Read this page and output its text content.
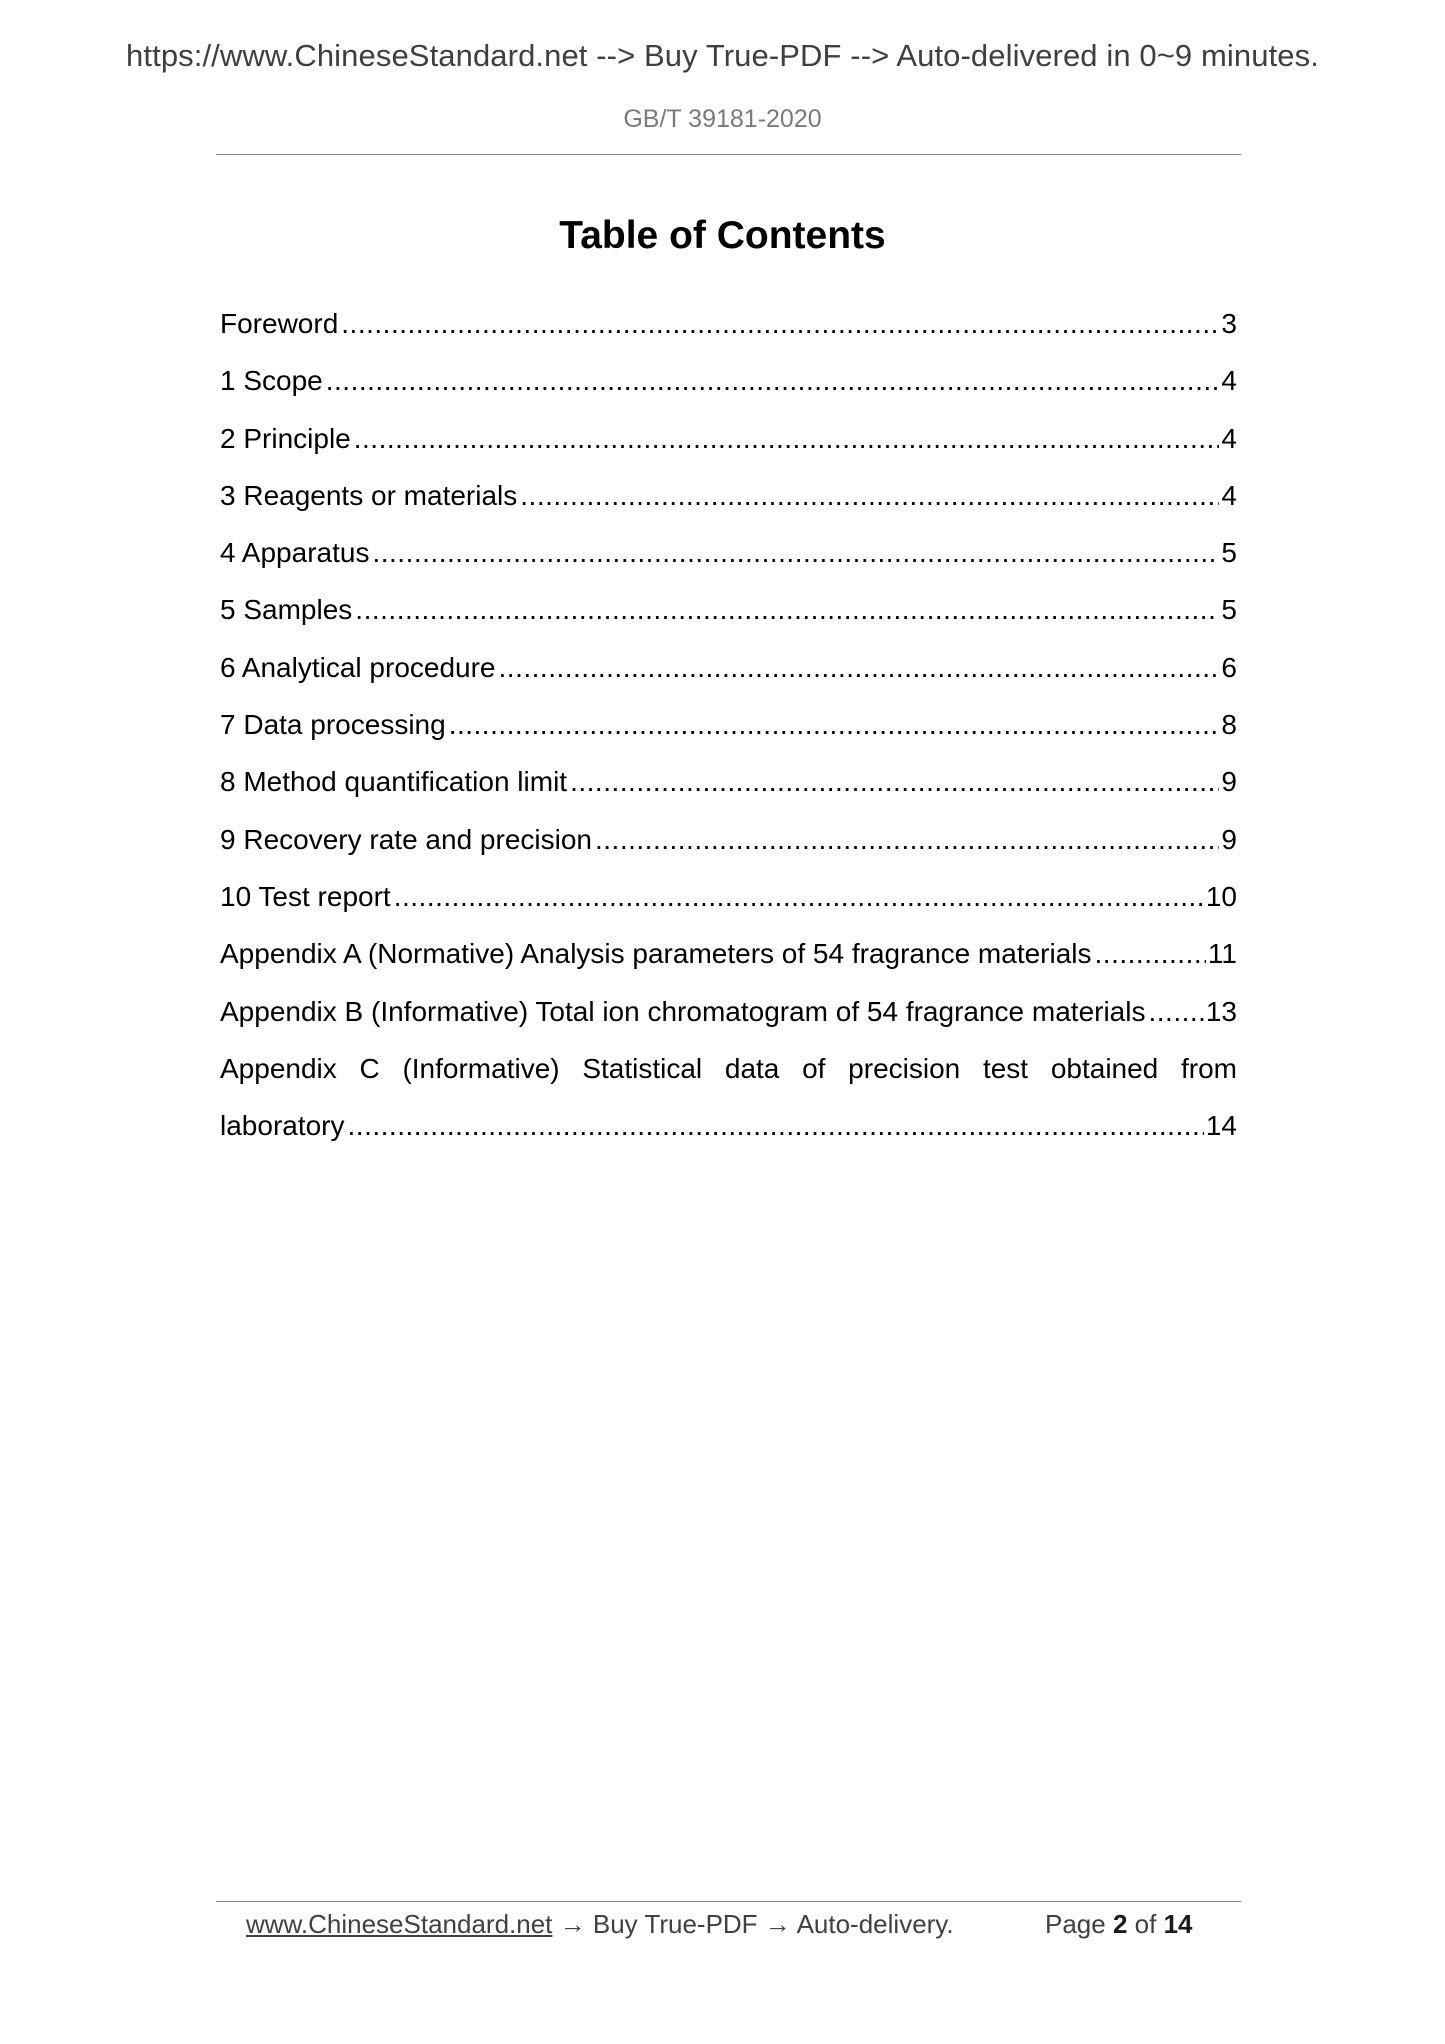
https://www.ChineseStandard.net --> Buy True-PDF --> Auto-delivered in 0~9 minutes.
GB/T 39181-2020
Table of Contents
Foreword .....	3
1 Scope .....	4
2 Principle .....	4
3 Reagents or materials .....	4
4 Apparatus .....	5
5 Samples .....	5
6 Analytical procedure .....	6
7 Data processing .....	8
8 Method quantification limit .....	9
9 Recovery rate and precision .....	9
10 Test report .....	10
Appendix A (Normative) Analysis parameters of 54 fragrance materials .....	11
Appendix B (Informative) Total ion chromatogram of 54 fragrance materials ..... 13
Appendix C (Informative) Statistical data of precision test obtained from
laboratory .....	14
www.ChineseStandard.net → Buy True-PDF → Auto-delivery.	Page 2 of 14
